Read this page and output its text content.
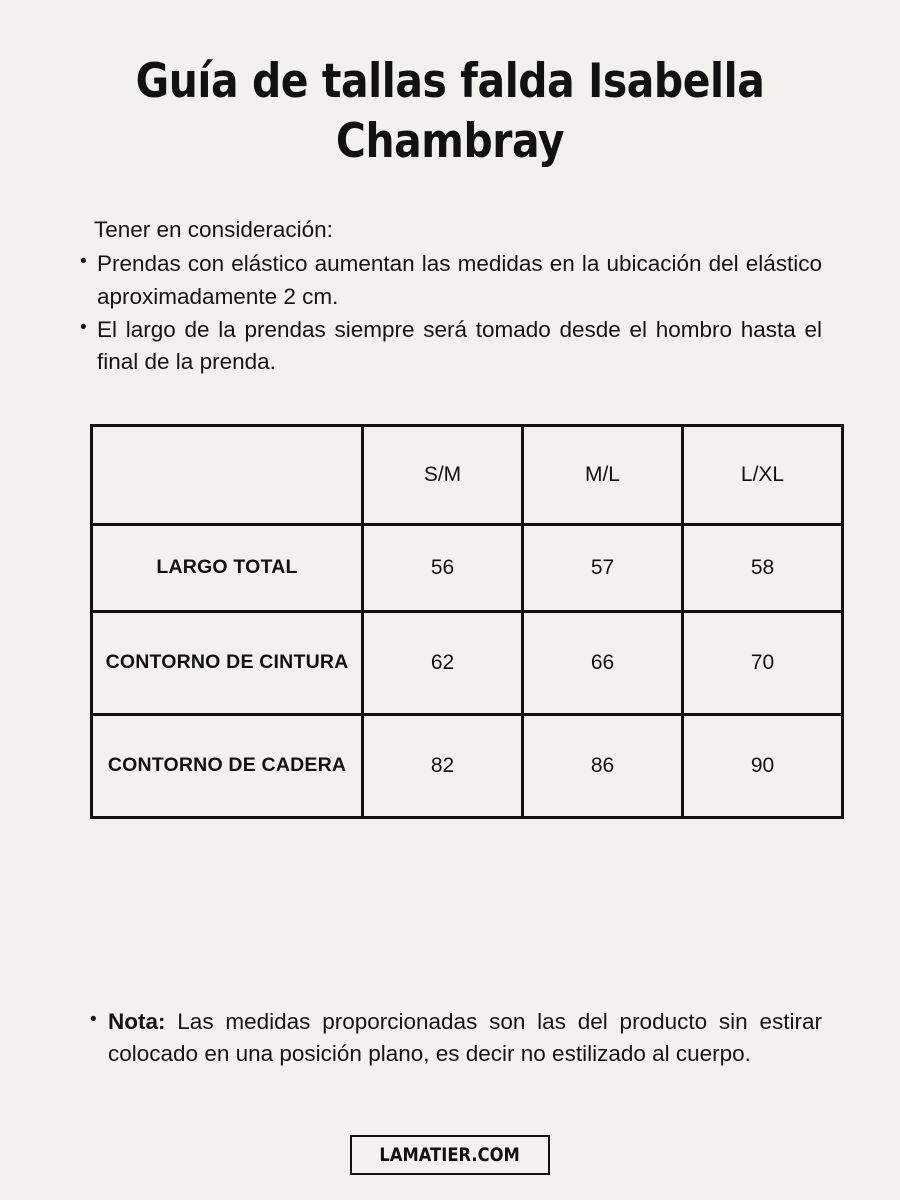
Guía de tallas falda Isabella
Chambray

Tener en consideración:

• Prendas con elástico aumentan las medidas en la ubicación del elástico aproximadamente 2 cm.
• El largo de la prendas siempre será tomado desde el hombro hasta el final de la prenda.
	S/M	M/L	L/XL
LARGO TOTAL	56	57	58
CONTORNO DE CINTURA	62	66	70
CONTORNO DE CADERA	82	86	90
• Nota: Las medidas proporcionadas son las del producto sin estirar colocado en una posición plano, es decir no estilizado al cuerpo.
LAMATIER.COM
